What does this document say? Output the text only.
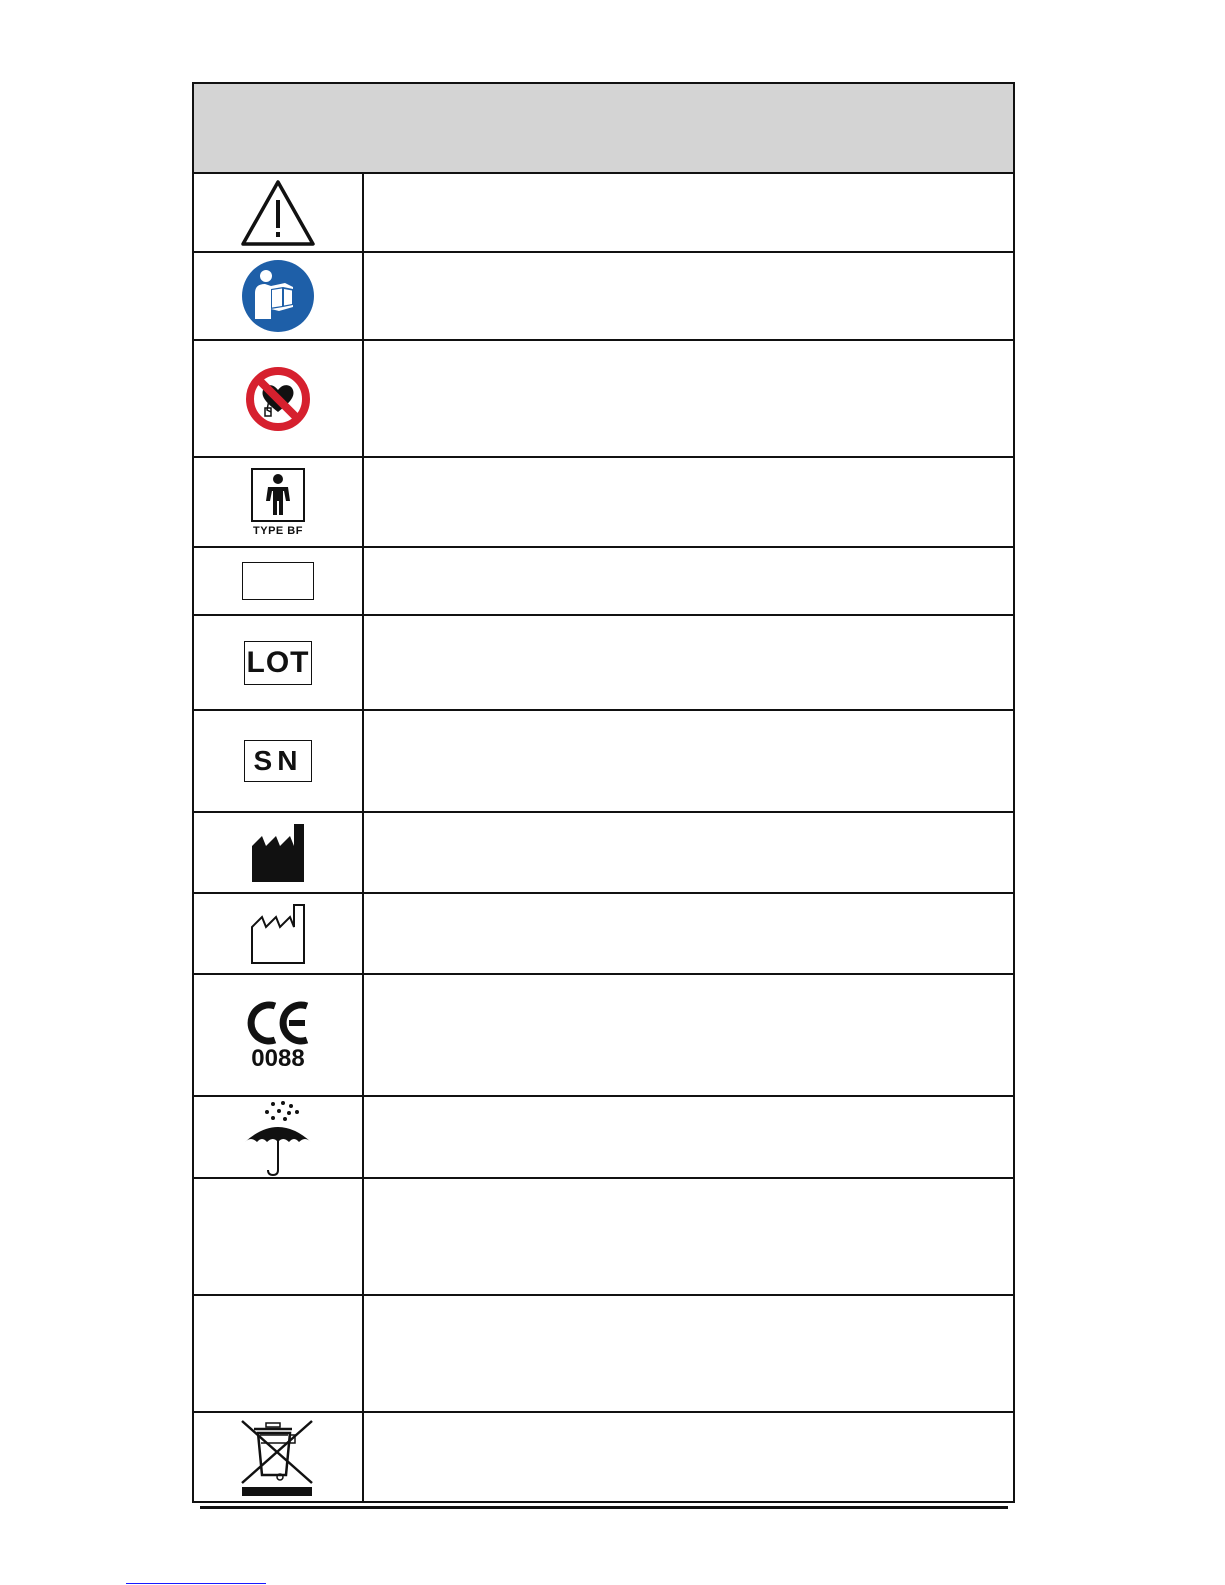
TYPE BF
LOT
SN
0088
